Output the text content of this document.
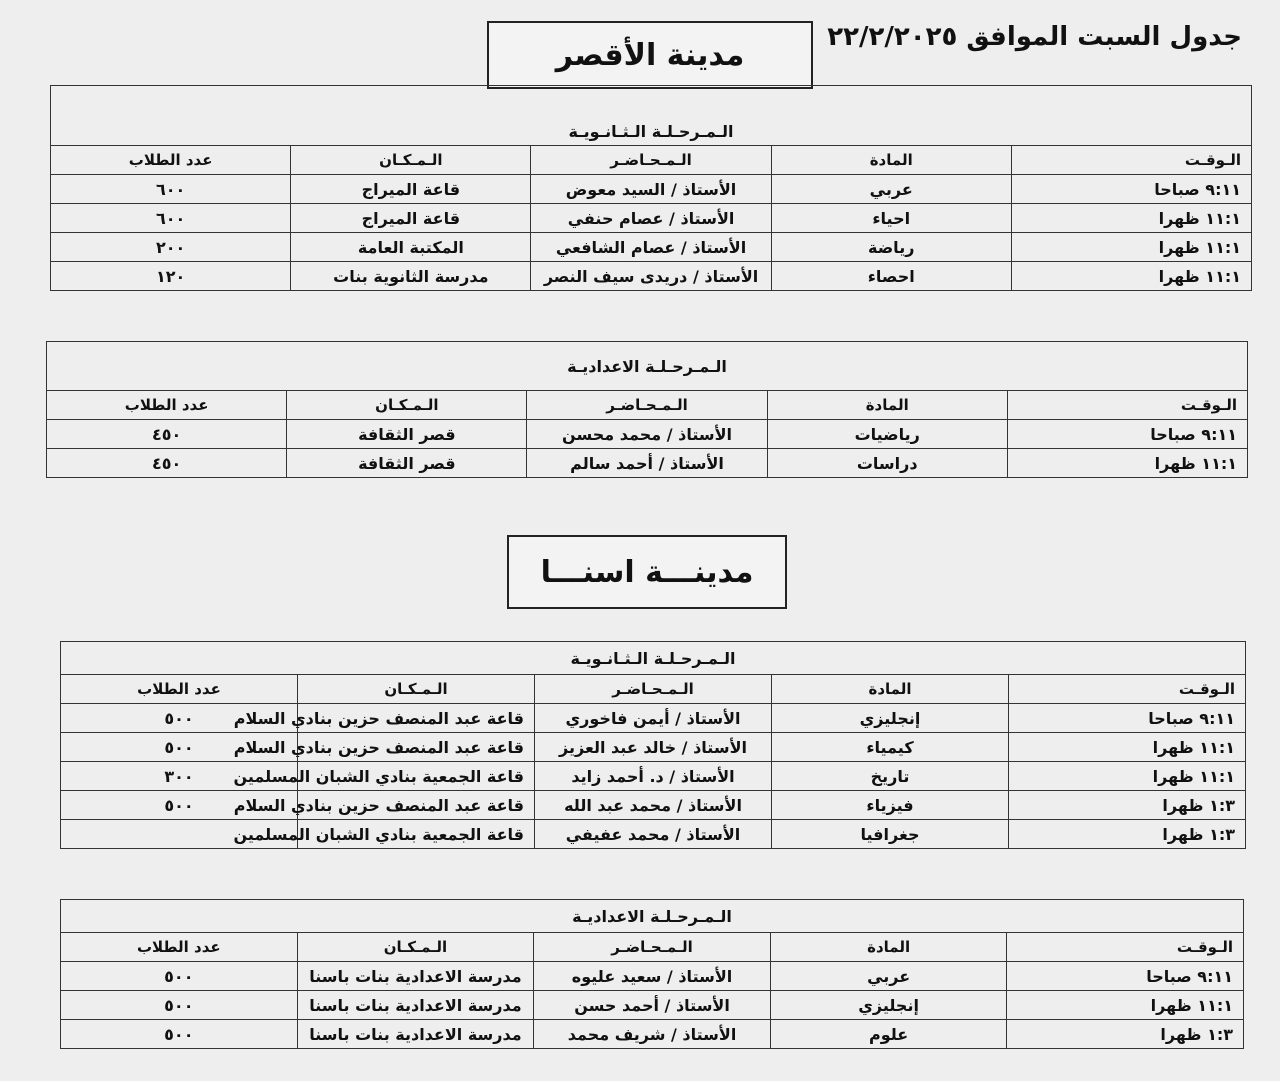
جدول السبت الموافق ٢٢/٢/٢٠٢٥
مدينة الأقصر
مدينـــة اسنـــا
الـمـرحـلـة الـثـانـويـة				
الـوقـت	المادة	الـمـحـاضـر	الـمـكـان	عدد الطلاب
٩:١١ صباحا	عربي	الأستاذ / السيد معوض	قاعة الميراج	٦٠٠
١١:١ ظهرا	احياء	الأستاذ / عصام حنفي	قاعة الميراج	٦٠٠
١١:١ ظهرا	رياضة	الأستاذ / عصام الشافعي	المكتبة العامة	٢٠٠
١١:١ ظهرا	احصاء	الأستاذ / دريدى سيف النصر	مدرسة الثانوية بنات	١٢٠
الـمـرحـلـة الاعداديـة				
الـوقـت	المادة	الـمـحـاضـر	الـمـكـان	عدد الطلاب
٩:١١ صباحا	رياضيات	الأستاذ / محمد محسن	قصر الثقافة	٤٥٠
١١:١ ظهرا	دراسات	الأستاذ / أحمد سالم	قصر الثقافة	٤٥٠
الـمـرحـلـة الـثـانـويـة				
الـوقـت	المادة	الـمـحـاضـر	الـمـكـان	عدد الطلاب
٩:١١ صباحا	إنجليزي	الأستاذ / أيمن فاخوري	قاعة عبد المنصف حزين بنادي السلام	٥٠٠
١١:١ ظهرا	كيمياء	الأستاذ / خالد عبد العزيز	قاعة عبد المنصف حزين بنادي السلام	٥٠٠
١١:١ ظهرا	تاريخ	الأستاذ / د. أحمد زايد	قاعة الجمعية بنادي الشبان المسلمين	٣٠٠
١:٣ ظهرا	فيزياء	الأستاذ / محمد عبد الله	قاعة عبد المنصف حزين بنادي السلام	٥٠٠
١:٣ ظهرا	جغرافيا	الأستاذ / محمد عفيفي	قاعة الجمعية بنادي الشبان المسلمين	
الـمـرحـلـة الاعداديـة				
الـوقـت	المادة	الـمـحـاضـر	الـمـكـان	عدد الطلاب
٩:١١ صباحا	عربي	الأستاذ / سعيد عليوه	مدرسة الاعدادية بنات باسنا	٥٠٠
١١:١ ظهرا	إنجليزي	الأستاذ / أحمد حسن	مدرسة الاعدادية بنات باسنا	٥٠٠
١:٣ ظهرا	علوم	الأستاذ / شريف محمد	مدرسة الاعدادية بنات باسنا	٥٠٠
